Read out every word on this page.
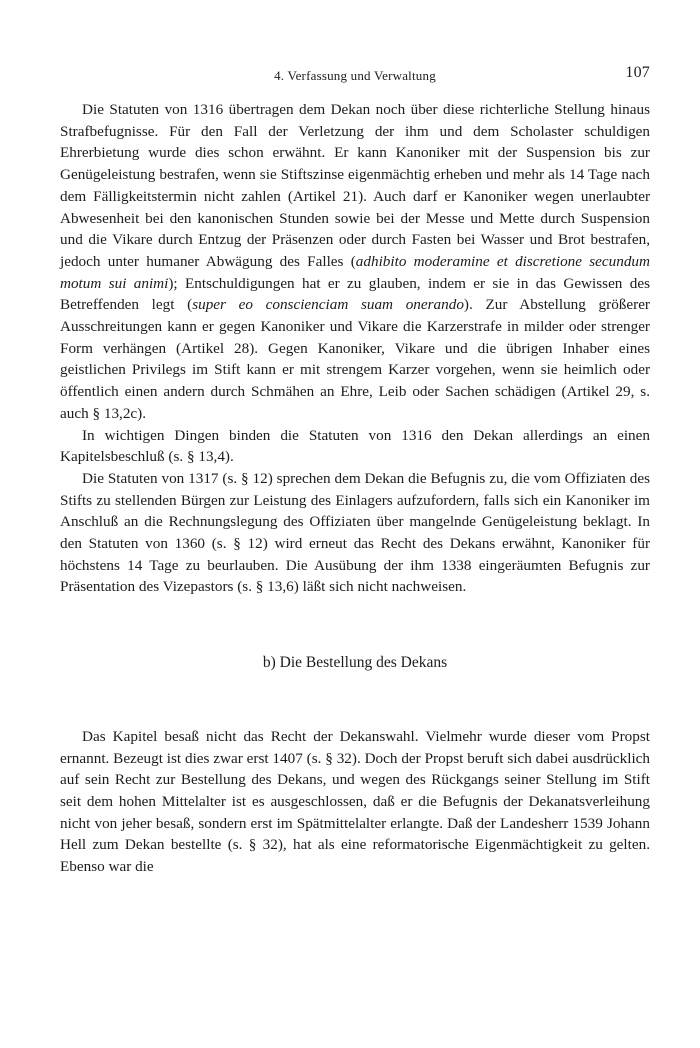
4. Verfassung und Verwaltung	107

Die Statuten von 1316 übertragen dem Dekan noch über diese richterliche Stellung hinaus Strafbefugnisse. Für den Fall der Verletzung der ihm und dem Scholaster schuldigen Ehrerbietung wurde dies schon erwähnt. Er kann Kanoniker mit der Suspension bis zur Genügeleistung bestrafen, wenn sie Stiftszinse eigenmächtig erheben und mehr als 14 Tage nach dem Fälligkeitstermin nicht zahlen (Artikel 21). Auch darf er Kanoniker wegen unerlaubter Abwesenheit bei den kanonischen Stunden sowie bei der Messe und Mette durch Suspension und die Vikare durch Entzug der Präsenzen oder durch Fasten bei Wasser und Brot bestrafen, jedoch unter humaner Abwägung des Falles (adhibito moderamine et discretione secundum motum sui animi); Entschuldigungen hat er zu glauben, indem er sie in das Gewissen des Betreffenden legt (super eo conscienciam suam onerando). Zur Abstellung größerer Ausschreitungen kann er gegen Kanoniker und Vikare die Karzerstrafe in milder oder strenger Form verhängen (Artikel 28). Gegen Kanoniker, Vikare und die übrigen Inhaber eines geistlichen Privilegs im Stift kann er mit strengem Karzer vorgehen, wenn sie heimlich oder öffentlich einen andern durch Schmähen an Ehre, Leib oder Sachen schädigen (Artikel 29, s. auch § 13,2c).

In wichtigen Dingen binden die Statuten von 1316 den Dekan allerdings an einen Kapitelsbeschluß (s. § 13,4).

Die Statuten von 1317 (s. § 12) sprechen dem Dekan die Befugnis zu, die vom Offiziaten des Stifts zu stellenden Bürgen zur Leistung des Einlagers aufzufordern, falls sich ein Kanoniker im Anschluß an die Rechnungslegung des Offiziaten über mangelnde Genügeleistung beklagt. In den Statuten von 1360 (s. § 12) wird erneut das Recht des Dekans erwähnt, Kanoniker für höchstens 14 Tage zu beurlauben. Die Ausübung der ihm 1338 eingeräumten Befugnis zur Präsentation des Vizepastors (s. § 13,6) läßt sich nicht nachweisen.

b) Die Bestellung des Dekans

Das Kapitel besaß nicht das Recht der Dekanswahl. Vielmehr wurde dieser vom Propst ernannt. Bezeugt ist dies zwar erst 1407 (s. § 32). Doch der Propst beruft sich dabei ausdrücklich auf sein Recht zur Bestellung des Dekans, und wegen des Rückgangs seiner Stellung im Stift seit dem hohen Mittelalter ist es ausgeschlossen, daß er die Befugnis der Dekanatsverleihung nicht von jeher besaß, sondern erst im Spätmittelalter erlangte. Daß der Landesherr 1539 Johann Hell zum Dekan bestellte (s. § 32), hat als eine reformatorische Eigenmächtigkeit zu gelten. Ebenso war die
